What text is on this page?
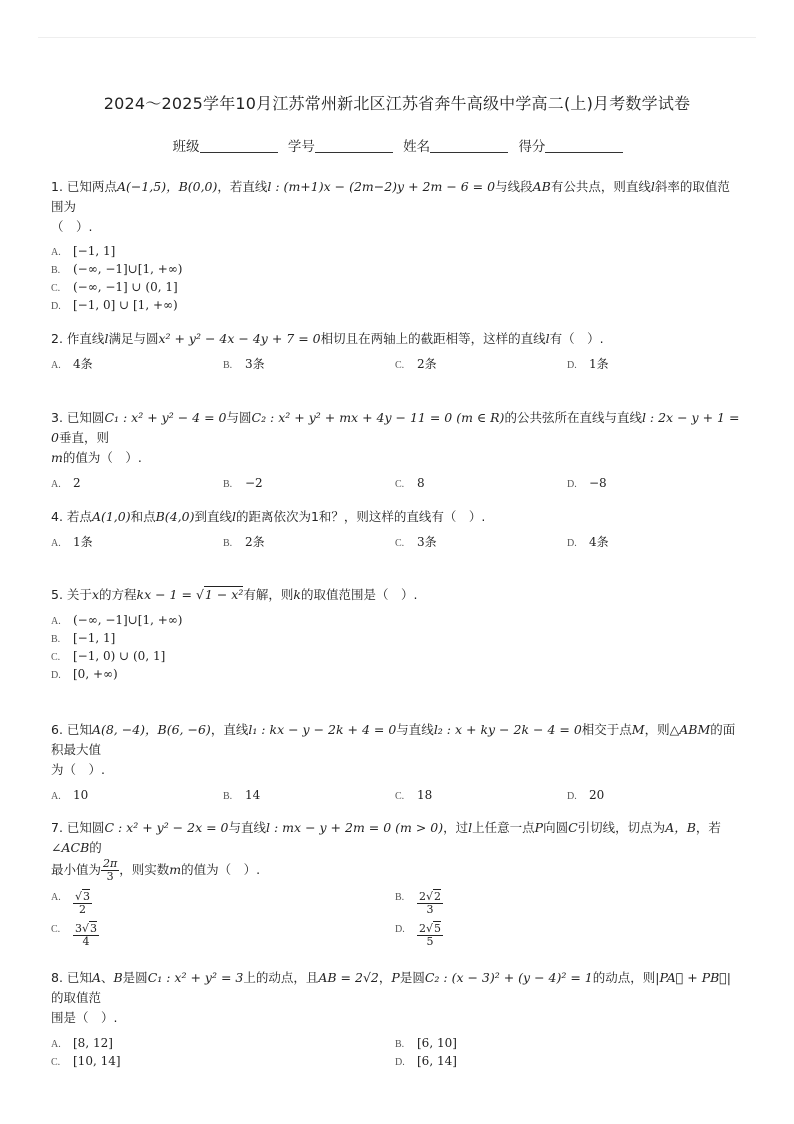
2024～2025学年10月江苏常州新北区江苏省奔牛高级中学高二(上)月考数学试卷
班级	学号	姓名	得分
1. 已知两点A(−1,5)，B(0,0)，若直线l : (m+1)x − (2m−2)y + 2m − 6 = 0与线段AB有公共点，则直线l斜率的取值范围为
（　）.
A.	[−1, 1]
B.	(−∞, −1]∪[1, +∞)
C.	(−∞, −1] ∪ (0, 1]
D.	[−1, 0] ∪ [1, +∞)
2. 作直线l满足与圆x² + y² − 4x − 4y + 7 = 0相切且在两轴上的截距相等，这样的直线l有（　）.
A.	4条	B.	3条	C.	2条	D.	1条
3. 已知圆C₁ : x² + y² − 4 = 0与圆C₂ : x² + y² + mx + 4y − 11 = 0 (m ∈ R)的公共弦所在直线与直线l : 2x − y + 1 = 0垂直，则
m的值为（　）.
A.	2	B.	−2	C.	8	D.	−8
4. 若点A(1,0)和点B(4,0)到直线l的距离依次为1和？，则这样的直线有（　）.
A.	1条	B.	2条	C.	3条	D.	4条
5. 关于x的方程kx − 1 = √1 − x²有解，则k的取值范围是（　）.
A.	(−∞, −1]∪[1, +∞)
B.	[−1, 1]
C.	[−1, 0) ∪ (0, 1]
D.	[0, +∞)
6. 已知A(8, −4)，B(6, −6)，直线l₁ : kx − y − 2k + 4 = 0与直线l₂ : x + ky − 2k − 4 = 0相交于点M，则△ABM的面积最大值
为（　）.
A.	10	B.	14	C.	18	D.	20
7. 已知圆C : x² + y² − 2x = 0与直线l : mx − y + 2m = 0 (m > 0)，过l上任意一点P向圆C引切线，切点为A，B，若∠ACB的
最小值为 $\frac{2\pi}{3}$ ，则实数m的值为（　）.
A.	$\frac{√3}{2}$	B.	$\frac{2√2}{3}$
C.	$\frac{3√3}{4}$	D.	$\frac{2√5}{5}$
8. 已知A、B是圆C₁ : x² + y² = 3上的动点，且AB = 2√2，P是圆C₂ : (x − 3)² + (y − 4)² = 1的动点，则|PA⃗ + PB⃗|的取值范
围是（　）.
A.	[8, 12]	B.	[6, 10]
C.	[10, 14]	D.	[6, 14]
